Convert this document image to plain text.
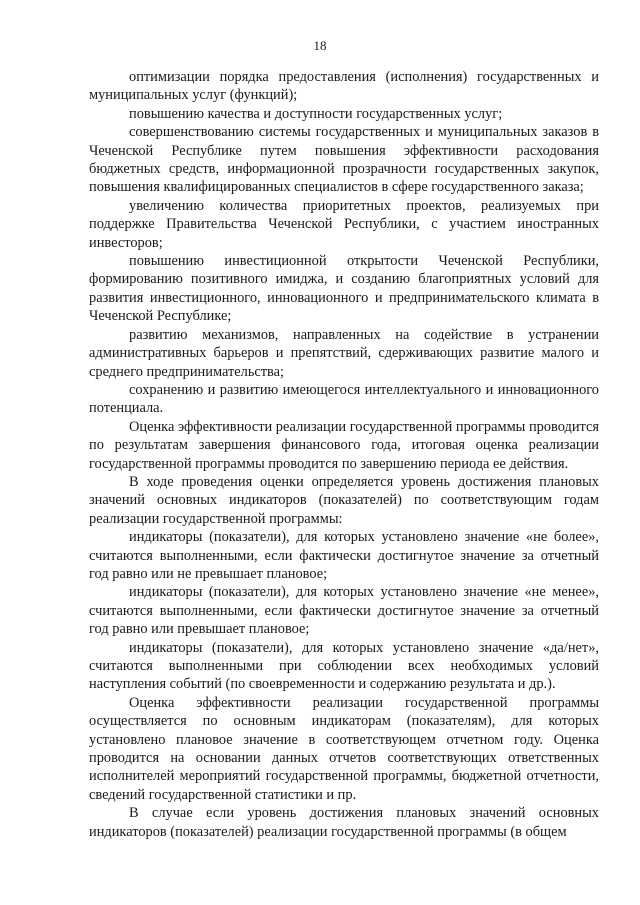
18

оптимизации порядка предоставления (исполнения) государственных и муниципальных услуг (функций);

повышению качества и доступности государственных услуг;

совершенствованию системы государственных и муниципальных заказов в Чеченской Республике путем повышения эффективности расходования бюджетных средств, информационной прозрачности государственных закупок, повышения квалифицированных специалистов в сфере государственного заказа;

увеличению количества приоритетных проектов, реализуемых при поддержке Правительства Чеченской Республики, с участием иностранных инвесторов;

повышению инвестиционной открытости Чеченской Республики, формированию позитивного имиджа, и созданию благоприятных условий для развития инвестиционного, инновационного и предпринимательского климата в Чеченской Республике;

развитию механизмов, направленных на содействие в устранении административных барьеров и препятствий, сдерживающих развитие малого и среднего предпринимательства;

сохранению и развитию имеющегося интеллектуального и инновационного потенциала.

Оценка эффективности реализации государственной программы проводится по результатам завершения финансового года, итоговая оценка реализации государственной программы проводится по завершению периода ее действия.

В ходе проведения оценки определяется уровень достижения плановых значений основных индикаторов (показателей) по соответствующим годам реализации государственной программы:

индикаторы (показатели), для которых установлено значение «не более», считаются выполненными, если фактически достигнутое значение за отчетный год равно или не превышает плановое;

индикаторы (показатели), для которых установлено значение «не менее», считаются выполненными, если фактически достигнутое значение за отчетный год равно или превышает плановое;

индикаторы (показатели), для которых установлено значение «да/нет», считаются выполненными при соблюдении всех необходимых условий наступления событий (по своевременности и содержанию результата и др.).

Оценка эффективности реализации государственной программы осуществляется по основным индикаторам (показателям), для которых установлено плановое значение в соответствующем отчетном году. Оценка проводится на основании данных отчетов соответствующих ответственных исполнителей мероприятий государственной программы, бюджетной отчетности, сведений государственной статистики и пр.

В случае если уровень достижения плановых значений основных индикаторов (показателей) реализации государственной программы (в общем
